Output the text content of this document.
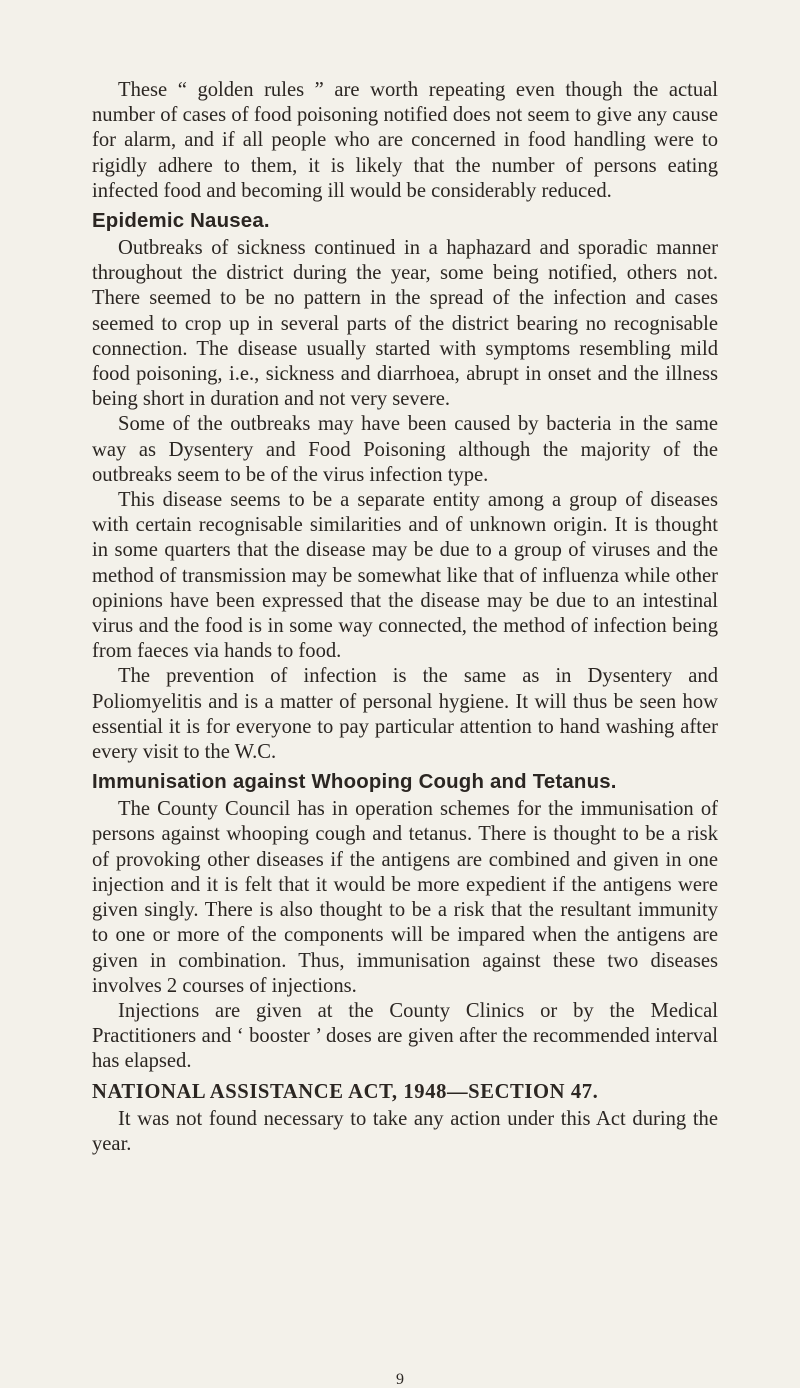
These “ golden rules ” are worth repeating even though the actual number of cases of food poisoning notified does not seem to give any cause for alarm, and if all people who are concerned in food handling were to rigidly adhere to them, it is likely that the number of persons eating infected food and becoming ill would be considerably reduced.

Epidemic Nausea.

Outbreaks of sickness continued in a haphazard and sporadic manner throughout the district during the year, some being notified, others not. There seemed to be no pattern in the spread of the infection and cases seemed to crop up in several parts of the district bearing no recognisable connection. The disease usually started with symptoms resembling mild food poisoning, i.e., sickness and diarrhoea, abrupt in onset and the illness being short in duration and not very severe.

Some of the outbreaks may have been caused by bacteria in the same way as Dysentery and Food Poisoning although the majority of the outbreaks seem to be of the virus infection type.

This disease seems to be a separate entity among a group of diseases with certain recognisable similarities and of unknown origin. It is thought in some quarters that the disease may be due to a group of viruses and the method of transmission may be somewhat like that of influenza while other opinions have been expressed that the disease may be due to an intestinal virus and the food is in some way connected, the method of infection being from faeces via hands to food.

The prevention of infection is the same as in Dysentery and Poliomyelitis and is a matter of personal hygiene. It will thus be seen how essential it is for everyone to pay particular attention to hand washing after every visit to the W.C.

Immunisation against Whooping Cough and Tetanus.

The County Council has in operation schemes for the immunisation of persons against whooping cough and tetanus. There is thought to be a risk of provoking other diseases if the antigens are combined and given in one injection and it is felt that it would be more expedient if the antigens were given singly. There is also thought to be a risk that the resultant immunity to one or more of the components will be impared when the antigens are given in combination. Thus, immunisation against these two diseases involves 2 courses of injections.

Injections are given at the County Clinics or by the Medical Practitioners and ‘ booster ’ doses are given after the recommended interval has elapsed.

NATIONAL ASSISTANCE ACT, 1948—SECTION 47.

It was not found necessary to take any action under this Act during the year.

9
